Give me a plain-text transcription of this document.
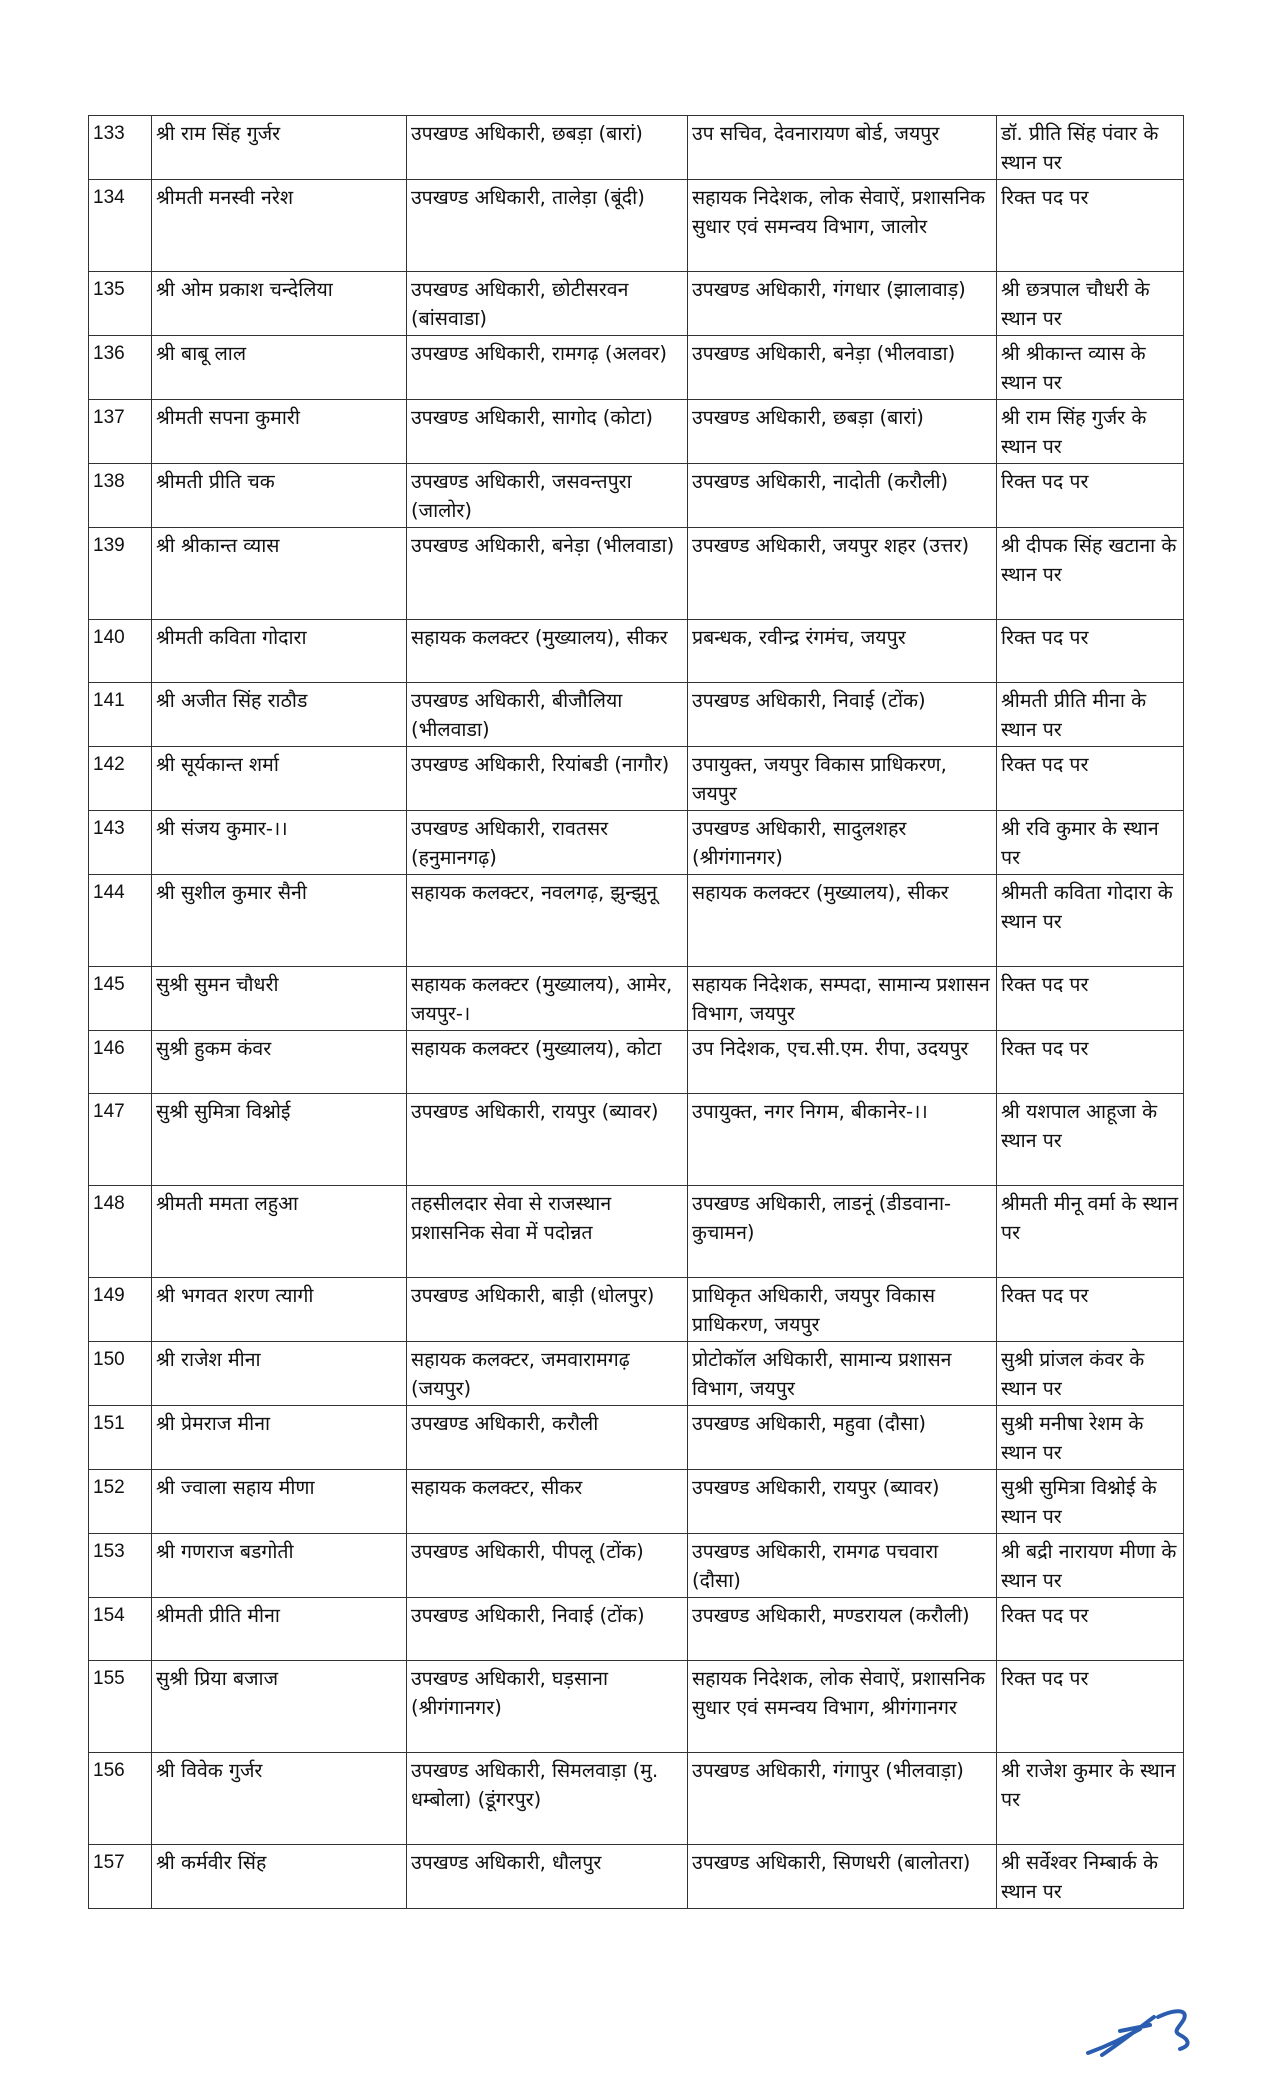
133	श्री राम सिंह गुर्जर	उपखण्ड अधिकारी, छबड़ा (बारां)	उप सचिव, देवनारायण बोर्ड, जयपुर	डॉ. प्रीति सिंह पंवार के स्थान पर
134	श्रीमती मनस्वी नरेश	उपखण्ड अधिकारी, तालेड़ा (बूंदी)	सहायक निदेशक, लोक सेवाऐं, प्रशासनिक सुधार एवं समन्वय विभाग, जालोर	रिक्त पद पर
135	श्री ओम प्रकाश चन्देलिया	उपखण्ड अधिकारी, छोटीसरवन (बांसवाडा)	उपखण्ड अधिकारी, गंगधार (झालावाड़)	श्री छत्रपाल चौधरी के स्थान पर
136	श्री बाबू लाल	उपखण्ड अधिकारी, रामगढ़ (अलवर)	उपखण्ड अधिकारी, बनेड़ा (भीलवाडा)	श्री श्रीकान्त व्यास के स्थान पर
137	श्रीमती सपना कुमारी	उपखण्ड अधिकारी, सागोद (कोटा)	उपखण्ड अधिकारी, छबड़ा (बारां)	श्री राम सिंह गुर्जर के स्थान पर
138	श्रीमती प्रीति चक	उपखण्ड अधिकारी, जसवन्तपुरा (जालोर)	उपखण्ड अधिकारी, नादोती (करौली)	रिक्त पद पर
139	श्री श्रीकान्त व्यास	उपखण्ड अधिकारी, बनेड़ा (भीलवाडा)	उपखण्ड अधिकारी, जयपुर शहर (उत्तर)	श्री दीपक सिंह खटाना के स्थान पर
140	श्रीमती कविता गोदारा	सहायक कलक्टर (मुख्यालय), सीकर	प्रबन्धक, रवीन्द्र रंगमंच, जयपुर	रिक्त पद पर
141	श्री अजीत सिंह राठौड	उपखण्ड अधिकारी, बीजौलिया (भीलवाडा)	उपखण्ड अधिकारी, निवाई (टोंक)	श्रीमती प्रीति मीना के स्थान पर
142	श्री सूर्यकान्त शर्मा	उपखण्ड अधिकारी, रियांबडी (नागौर)	उपायुक्त, जयपुर विकास प्राधिकरण, जयपुर	रिक्त पद पर
143	श्री संजय कुमार-।।	उपखण्ड अधिकारी, रावतसर (हनुमानगढ़)	उपखण्ड अधिकारी, सादुलशहर (श्रीगंगानगर)	श्री रवि कुमार के स्थान पर
144	श्री सुशील कुमार सैनी	सहायक कलक्टर, नवलगढ़, झुन्झुनू	सहायक कलक्टर (मुख्यालय), सीकर	श्रीमती कविता गोदारा के स्थान पर
145	सुश्री सुमन चौधरी	सहायक कलक्टर (मुख्यालय), आमेर, जयपुर-।	सहायक निदेशक, सम्पदा, सामान्य प्रशासन विभाग, जयपुर	रिक्त पद पर
146	सुश्री हुकम कंवर	सहायक कलक्टर (मुख्यालय), कोटा	उप निदेशक, एच.सी.एम. रीपा, उदयपुर	रिक्त पद पर
147	सुश्री सुमित्रा विश्नोई	उपखण्ड अधिकारी, रायपुर (ब्यावर)	उपायुक्त, नगर निगम, बीकानेर-।।	श्री यशपाल आहूजा के स्थान पर
148	श्रीमती ममता लहुआ	तहसीलदार सेवा से राजस्थान प्रशासनिक सेवा में पदोन्नत	उपखण्ड अधिकारी, लाडनूं (डीडवाना-कुचामन)	श्रीमती मीनू वर्मा के स्थान पर
149	श्री भगवत शरण त्यागी	उपखण्ड अधिकारी, बाड़ी (धोलपुर)	प्राधिकृत अधिकारी, जयपुर विकास प्राधिकरण, जयपुर	रिक्त पद पर
150	श्री राजेश मीना	सहायक कलक्टर, जमवारामगढ़ (जयपुर)	प्रोटोकॉल अधिकारी, सामान्य प्रशासन विभाग, जयपुर	सुश्री प्रांजल कंवर के स्थान पर
151	श्री प्रेमराज मीना	उपखण्ड अधिकारी, करौली	उपखण्ड अधिकारी, महुवा (दौसा)	सुश्री मनीषा रेशम के स्थान पर
152	श्री ज्वाला सहाय मीणा	सहायक कलक्टर, सीकर	उपखण्ड अधिकारी, रायपुर (ब्यावर)	सुश्री सुमित्रा विश्नोई के स्थान पर
153	श्री गणराज बडगोती	उपखण्ड अधिकारी, पीपलू (टोंक)	उपखण्ड अधिकारी, रामगढ पचवारा (दौसा)	श्री बद्री नारायण मीणा के स्थान पर
154	श्रीमती प्रीति मीना	उपखण्ड अधिकारी, निवाई (टोंक)	उपखण्ड अधिकारी, मण्डरायल (करौली)	रिक्त पद पर
155	सुश्री प्रिया बजाज	उपखण्ड अधिकारी, घड़साना (श्रीगंगानगर)	सहायक निदेशक, लोक सेवाऐं, प्रशासनिक सुधार एवं समन्वय विभाग, श्रीगंगानगर	रिक्त पद पर
156	श्री विवेक गुर्जर	उपखण्ड अधिकारी, सिमलवाड़ा (मु. धम्बोला) (डूंगरपुर)	उपखण्ड अधिकारी, गंगापुर (भीलवाड़ा)	श्री राजेश कुमार के स्थान पर
157	श्री कर्मवीर सिंह	उपखण्ड अधिकारी, धौलपुर	उपखण्ड अधिकारी, सिणधरी (बालोतरा)	श्री सर्वेश्वर निम्बार्क के स्थान पर
